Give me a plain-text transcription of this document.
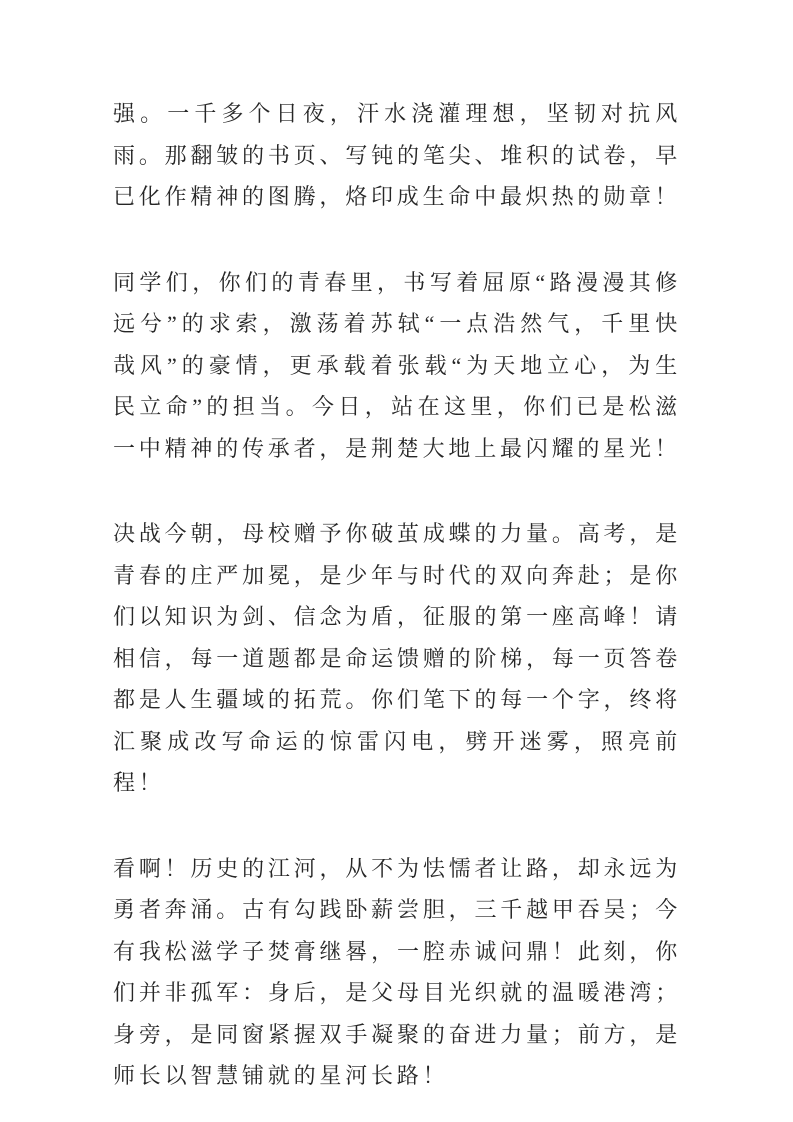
强。一千多个日夜，汗水浇灌理想，坚韧对抗风雨。那翻皱的书页、写钝的笔尖、堆积的试卷，早已化作精神的图腾，烙印成生命中最炽热的勋章！

同学们，你们的青春里，书写着屈原“路漫漫其修远兮”的求索，激荡着苏轼“一点浩然气，千里快哉风”的豪情，更承载着张载“为天地立心，为生民立命”的担当。今日，站在这里，你们已是松滋一中精神的传承者，是荆楚大地上最闪耀的星光！

决战今朝，母校赠予你破茧成蝶的力量。高考，是青春的庄严加冕，是少年与时代的双向奔赴；是你们以知识为剑、信念为盾，征服的第一座高峰！请相信，每一道题都是命运馈赠的阶梯，每一页答卷都是人生疆域的拓荒。你们笔下的每一个字，终将汇聚成改写命运的惊雷闪电，劈开迷雾，照亮前程！

看啊！历史的江河，从不为怯懦者让路，却永远为勇者奔涌。古有勾践卧薪尝胆，三千越甲吞吴；今有我松滋学子焚膏继晷，一腔赤诚问鼎！此刻，你们并非孤军：身后，是父母目光织就的温暖港湾；身旁，是同窗紧握双手凝聚的奋进力量；前方，是师长以智慧铺就的星河长路！
